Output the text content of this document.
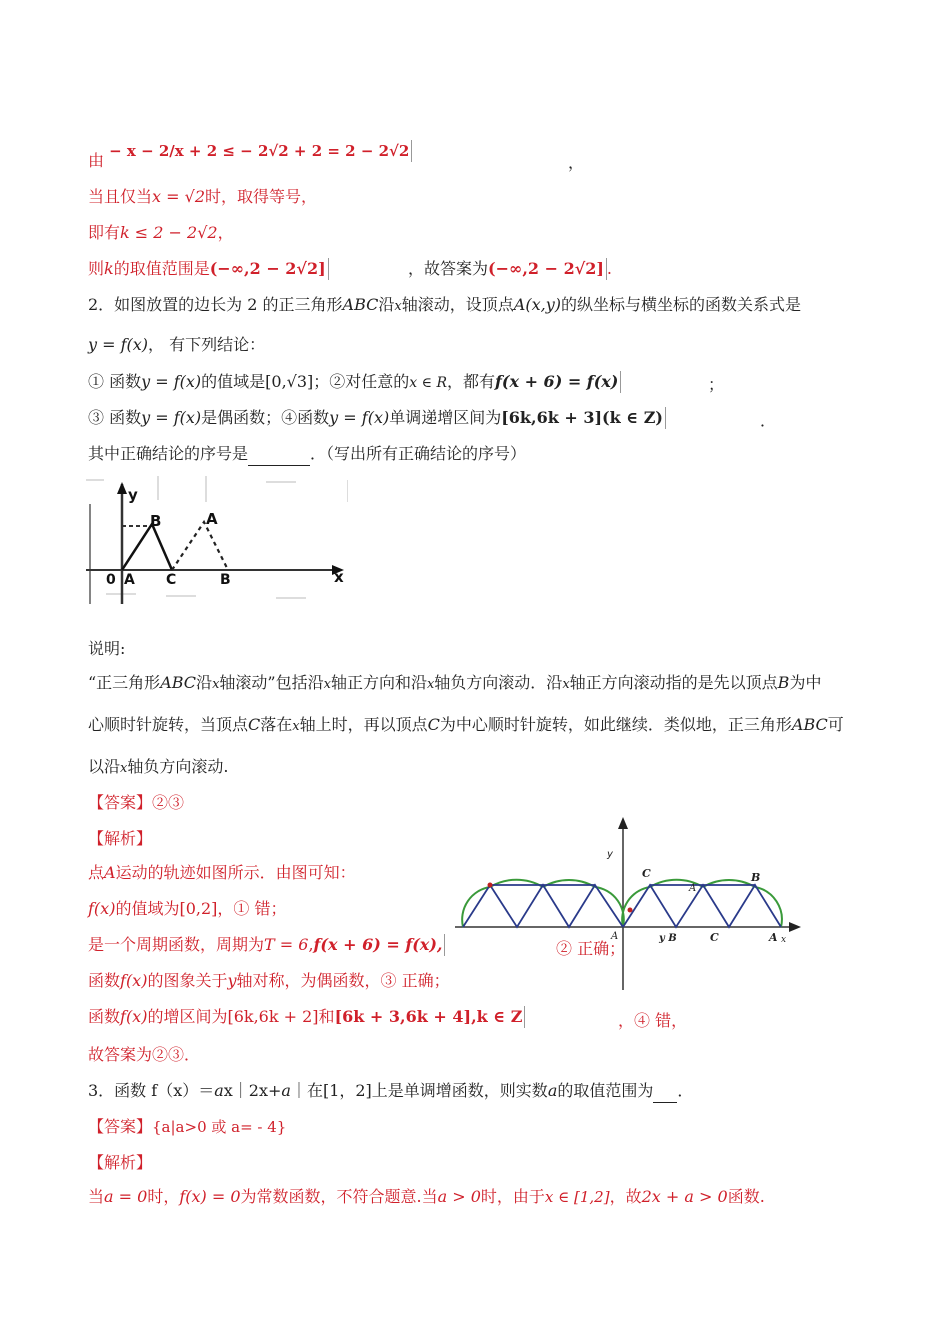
由 − x − 2/x + 2 ≤ − 2√2 + 2 = 2 − 2√2
，
当且仅当x = √2时，取得等号，
即有k ≤ 2 − 2√2，
则k的取值范围是(−∞,2 − 2√2]	，故答案为(−∞,2 − 2√2] .
2．如图放置的边长为 2 的正三角形ABC沿x轴滚动，设顶点A(x,y)的纵坐标与横坐标的函数关系式是
y = f(x)， 有下列结论：
① 函数y = f(x)的值域是[0,√3]；②对任意的x ∈ R，都有f(x + 6) = f(x)	；
③ 函数y = f(x)是偶函数；④函数y = f(x)单调递增区间为[6k,6k + 3](k ∈ Z)	．
其中正确结论的序号是	．（写出所有正确结论的序号）
y
0 A
B
C
A
B	x
说明:
“正三角形ABC沿x轴滚动”包括沿x轴正方向和沿x轴负方向滚动．沿x轴正方向滚动指的是先以顶点B为中
心顺时针旋转，当顶点C落在x轴上时，再以顶点C为中心顺时针旋转，如此继续．类似地，正三角形ABC可
以沿x轴负方向滚动.
【答案】②③
【解析】
点A运动的轨迹如图所示．由图可知：
f(x)的值域为[0,2]，① 错；
是一个周期函数，周期为T = 6,f(x + 6) = f(x),	② 正确；
函数f(x)的图象关于y轴对称，为偶函数，③ 正确；
函数f(x)的增区间为[6k,6k + 2]和[6k + 3,6k + 4],k ∈ Z	，④ 错，
故答案为②③．
y
C
A
B
A	y B	C	A x
3．函数 f（x）＝ax｜2x+a｜在[1，2]上是单调增函数，则实数a的取值范围为 ．
【答案】{a|a>0 或 a= - 4}
【解析】
当a = 0时，f(x) = 0为常数函数，不符合题意.当a > 0时，由于x ∈ [1,2]，故2x + a > 0函数.
